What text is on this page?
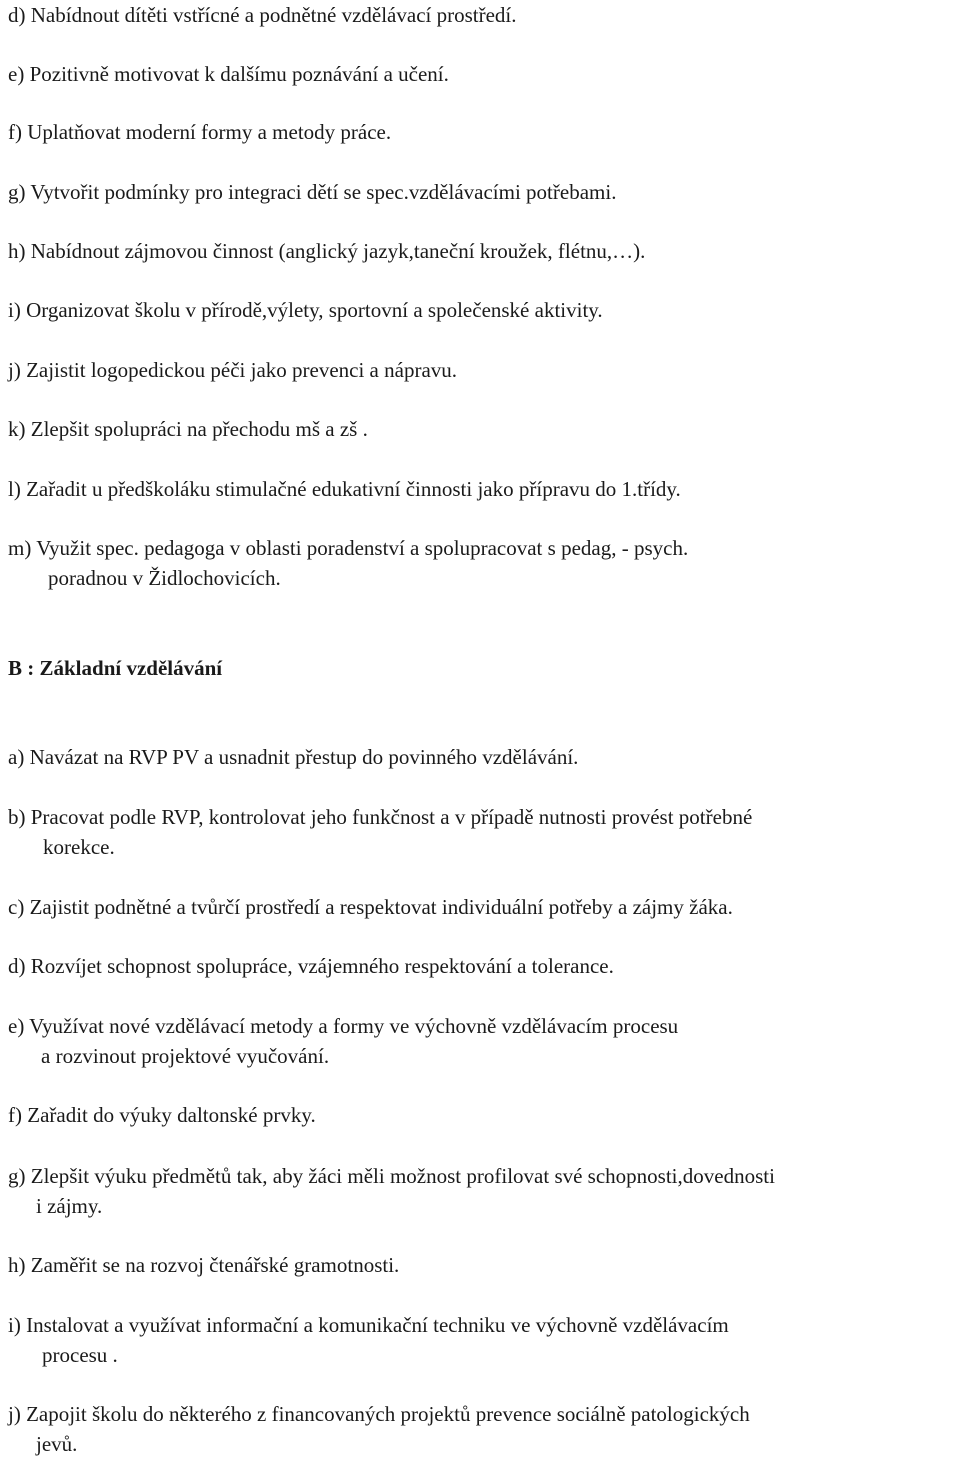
d) Nabídnout dítěti vstřícné a podnětné vzdělávací prostředí.
e) Pozitivně motivovat k dalšímu poznávání a učení.
f) Uplatňovat moderní formy a metody práce.
g) Vytvořit podmínky pro integraci dětí se spec.vzdělávacími potřebami.
h) Nabídnout zájmovou činnost (anglický jazyk,taneční kroužek, flétnu,…).
i) Organizovat školu v přírodě,výlety, sportovní a společenské aktivity.
j) Zajistit logopedickou péči jako prevenci a nápravu.
k) Zlepšit spolupráci na přechodu mš a zš .
l) Zařadit u předškoláku stimulačné edukativní činnosti jako přípravu do 1.třídy.
m) Využit spec. pedagoga v oblasti poradenství a spolupracovat s pedag, - psych.
poradnou v Židlochovicích.
B : Základní vzdělávání
a) Navázat na RVP PV a usnadnit přestup do povinného vzdělávání.
b) Pracovat podle RVP, kontrolovat jeho funkčnost a v případě nutnosti provést potřebné
korekce.
c) Zajistit podnětné a tvůrčí prostředí a respektovat individuální potřeby a zájmy žáka.
d) Rozvíjet schopnost spolupráce, vzájemného respektování a tolerance.
e) Využívat nové vzdělávací metody a formy ve výchovně vzdělávacím procesu
a rozvinout projektové vyučování.
f) Zařadit do výuky daltonské prvky.
g) Zlepšit výuku předmětů tak, aby žáci měli možnost profilovat své schopnosti,dovednosti
i zájmy.
h) Zaměřit se na rozvoj čtenářské gramotnosti.
i) Instalovat a využívat informační a komunikační techniku ve výchovně vzdělávacím
procesu .
j) Zapojit školu do některého z financovaných projektů prevence sociálně patologických
jevů.
